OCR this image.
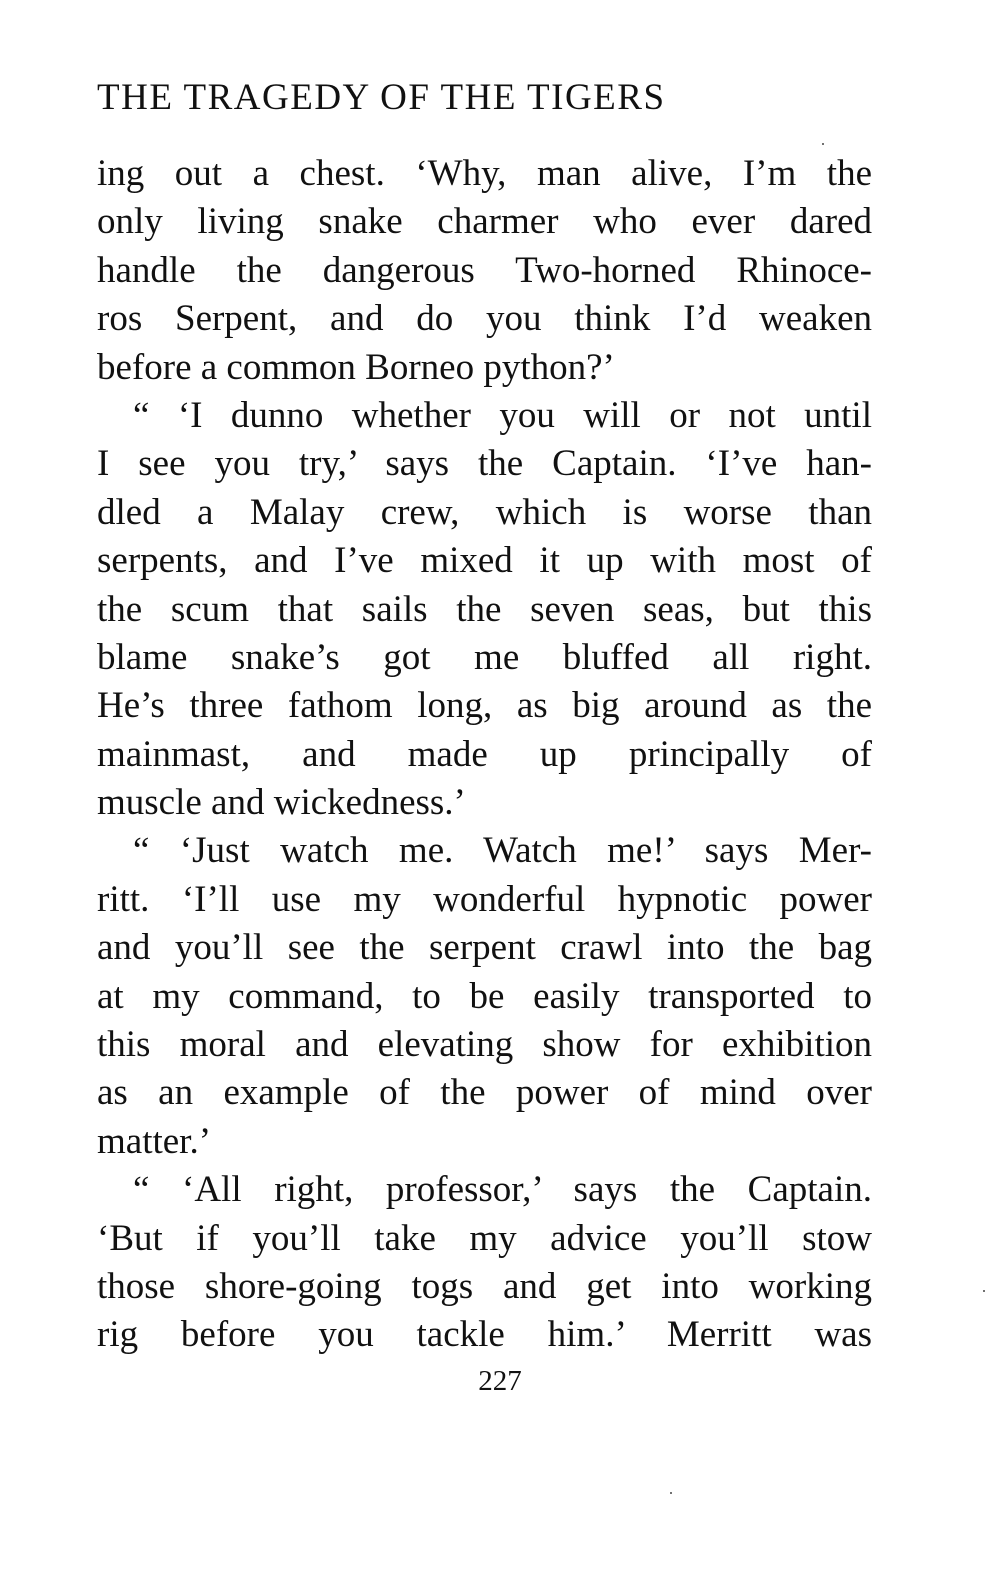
THE TRAGEDY OF THE TIGERS
ing out a chest. ‘Why, man alive, I’m the
only living snake charmer who ever dared
handle the dangerous Two-horned Rhinoce-
ros Serpent, and do you think I’d weaken
before a common Borneo python?’
“ ‘I dunno whether you will or not until
I see you try,’ says the Captain. ‘I’ve han-
dled a Malay crew, which is worse than
serpents, and I’ve mixed it up with most of
the scum that sails the seven seas, but this
blame snake’s got me bluffed all right.
He’s three fathom long, as big around as the
mainmast, and made up principally of
muscle and wickedness.’
“ ‘Just watch me. Watch me!’ says Mer-
ritt. ‘I’ll use my wonderful hypnotic power
and you’ll see the serpent crawl into the bag
at my command, to be easily transported to
this moral and elevating show for exhibition
as an example of the power of mind over
matter.’
“ ‘All right, professor,’ says the Captain.
‘But if you’ll take my advice you’ll stow
those shore-going togs and get into working
rig before you tackle him.’ Merritt was
227
